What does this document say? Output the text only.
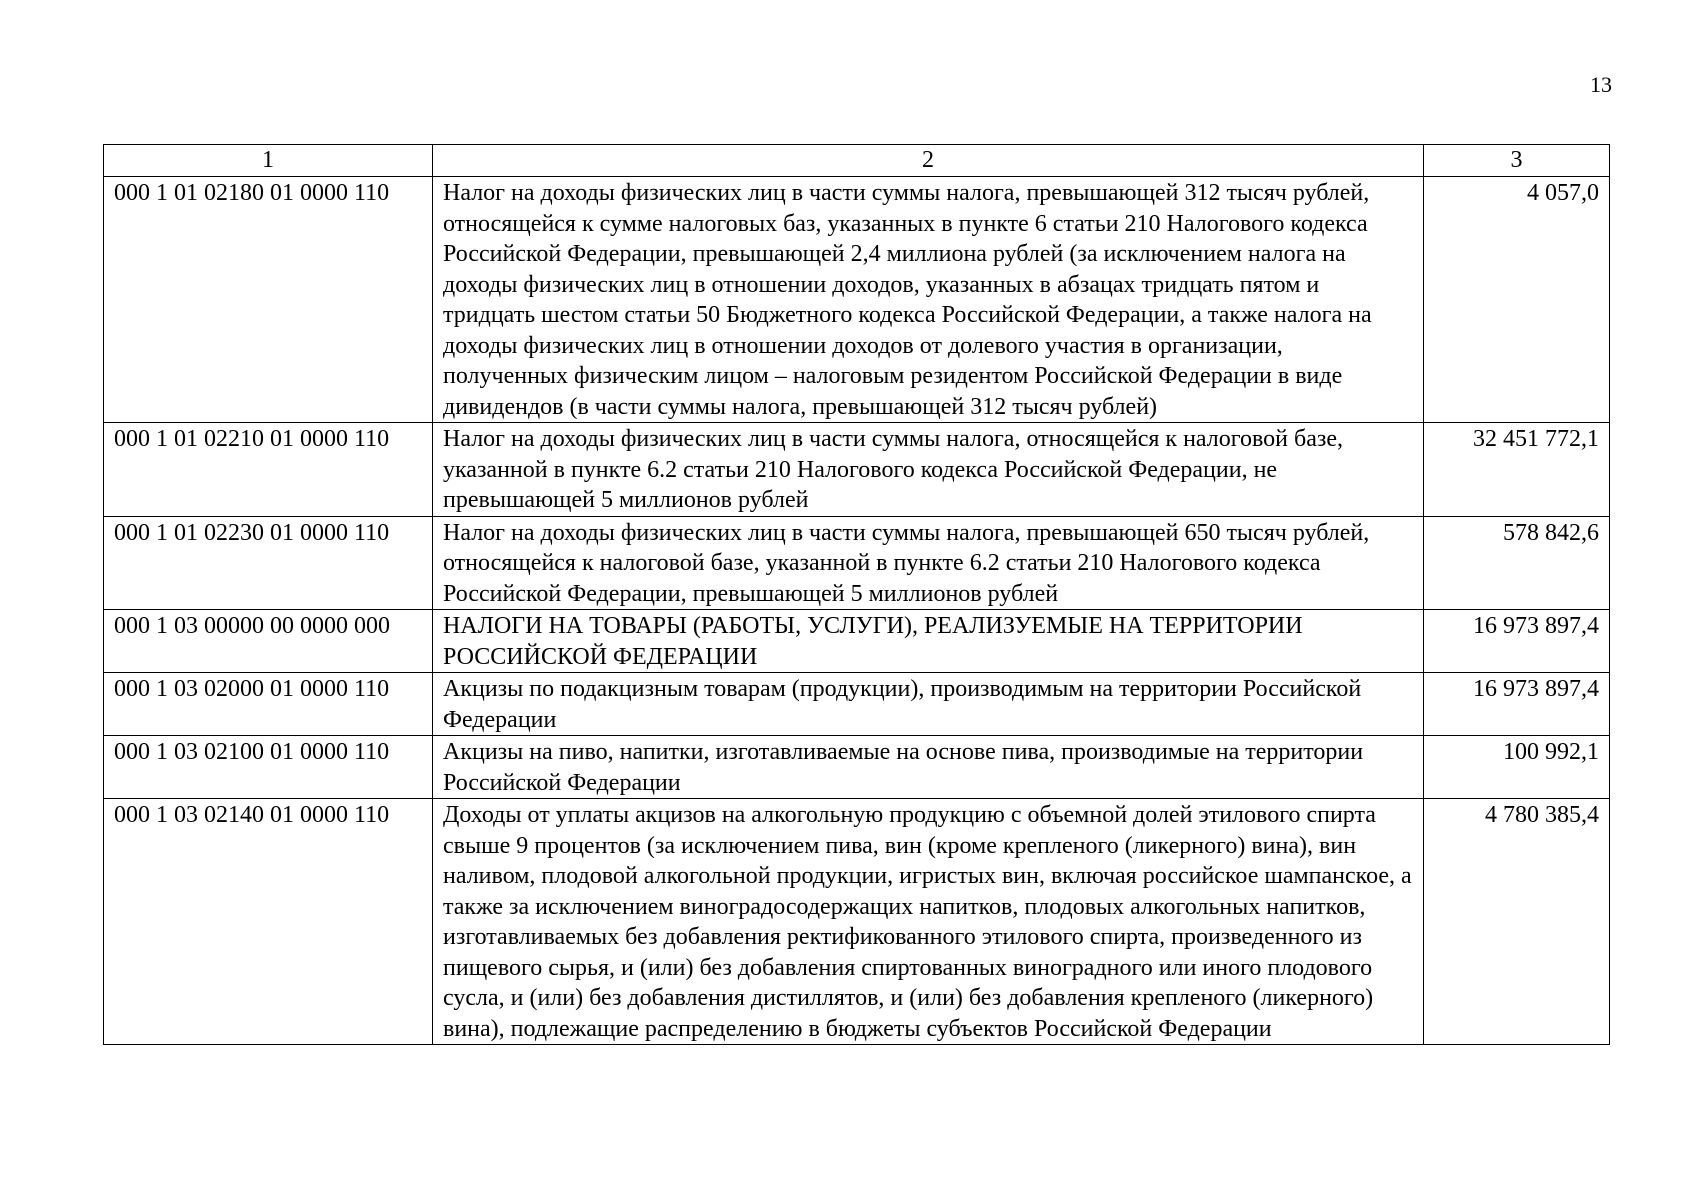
13
1	2	3
000 1 01 02180 01 0000 110	Налог на доходы физических лиц в части суммы налога, превышающей 312 тысяч рублей, относящейся к сумме налоговых баз, указанных в пункте 6 статьи 210 Налогового кодекса Российской Федерации, превышающей 2,4 миллиона рублей (за исключением налога на доходы физических лиц в отношении доходов, указанных в абзацах тридцать пятом и тридцать шестом статьи 50 Бюджетного кодекса Российской Федерации, а также налога на доходы физических лиц в отношении доходов от долевого участия в организации, полученных физическим лицом – налоговым резидентом Российской Федерации в виде дивидендов (в части суммы налога, превышающей 312 тысяч рублей)	4 057,0
000 1 01 02210 01 0000 110	Налог на доходы физических лиц в части суммы налога, относящейся к налоговой базе, указанной в пункте 6.2 статьи 210 Налогового кодекса Российской Федерации, не превышающей 5 миллионов рублей	32 451 772,1
000 1 01 02230 01 0000 110	Налог на доходы физических лиц в части суммы налога, превышающей 650 тысяч рублей, относящейся к налоговой базе, указанной в пункте 6.2 статьи 210 Налогового кодекса Российской Федерации, превышающей 5 миллионов рублей	578 842,6
000 1 03 00000 00 0000 000	НАЛОГИ НА ТОВАРЫ (РАБОТЫ, УСЛУГИ), РЕАЛИЗУЕМЫЕ НА ТЕРРИТОРИИ РОССИЙСКОЙ ФЕДЕРАЦИИ	16 973 897,4
000 1 03 02000 01 0000 110	Акцизы по подакцизным товарам (продукции), производимым на территории Российской Федерации	16 973 897,4
000 1 03 02100 01 0000 110	Акцизы на пиво, напитки, изготавливаемые на основе пива, производимые на территории Российской Федерации	100 992,1
000 1 03 02140 01 0000 110	Доходы от уплаты акцизов на алкогольную продукцию с объемной долей этилового спирта свыше 9 процентов (за исключением пива, вин (кроме крепленого (ликерного) вина), вин наливом, плодовой алкогольной продукции, игристых вин, включая российское шампанское, а также за исключением виноградосодержащих напитков, плодовых алкогольных напитков, изготавливаемых без добавления ректификованного этилового спирта, произведенного из пищевого сырья, и (или) без добавления спиртованных виноградного или иного плодового сусла, и (или) без добавления дистиллятов, и (или) без добавления крепленого (ликерного) вина), подлежащие распределению в бюджеты субъектов Российской Федерации	4 780 385,4
